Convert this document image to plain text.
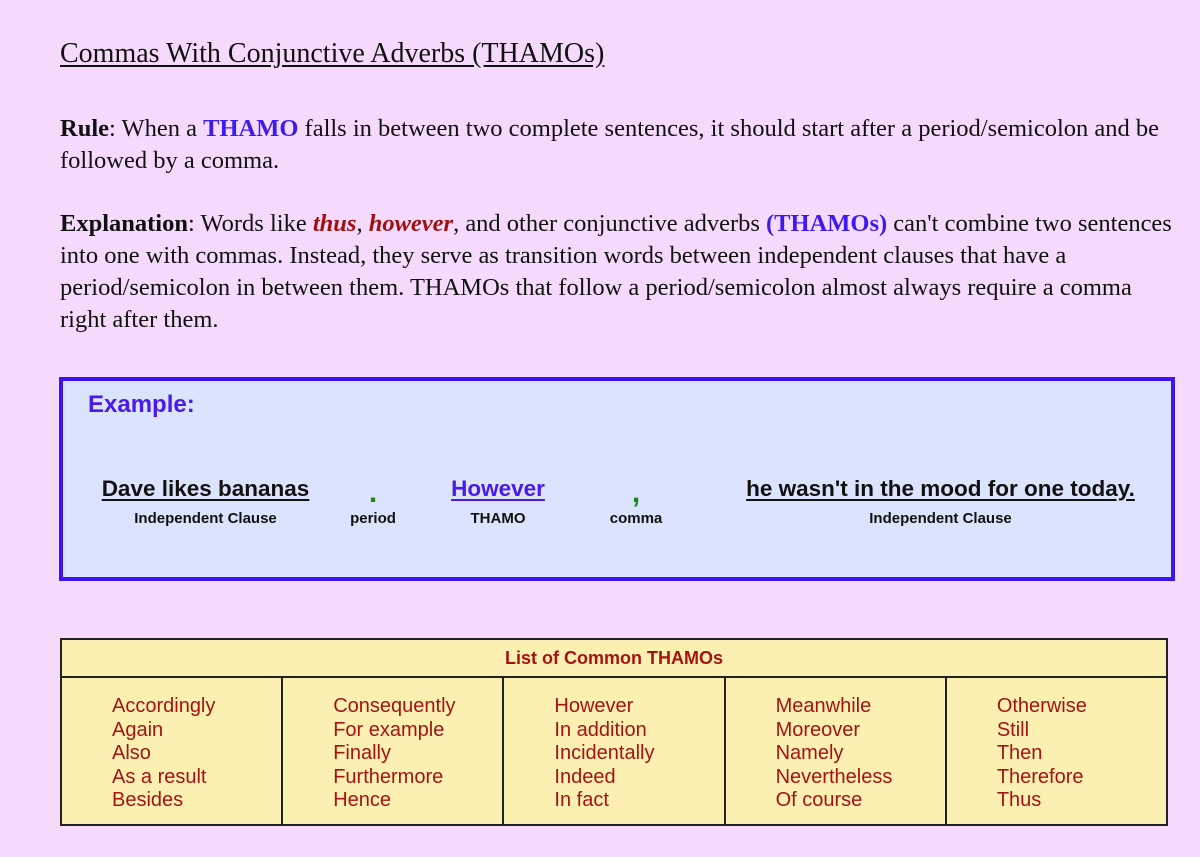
Commas With Conjunctive Adverbs (THAMOs)

Rule: When a THAMO falls in between two complete sentences, it should start after a period/semicolon and be followed by a comma.

Explanation: Words like thus, however, and other conjunctive adverbs (THAMOs) can't combine two sentences into one with commas. Instead, they serve as transition words between independent clauses that have a period/semicolon in between them. THAMOs that follow a period/semicolon almost always require a comma right after them.

Example:
Dave likes bananas
Independent Clause
.
period
However
THAMO
,
comma
he wasn't in the mood for one today.
Independent Clause
List of Common THAMOs
Accordingly
Again
Also
As a result
Besides
Consequently
For example
Finally
Furthermore
Hence
However
In addition
Incidentally
Indeed
In fact
Meanwhile
Moreover
Namely
Nevertheless
Of course
Otherwise
Still
Then
Therefore
Thus
